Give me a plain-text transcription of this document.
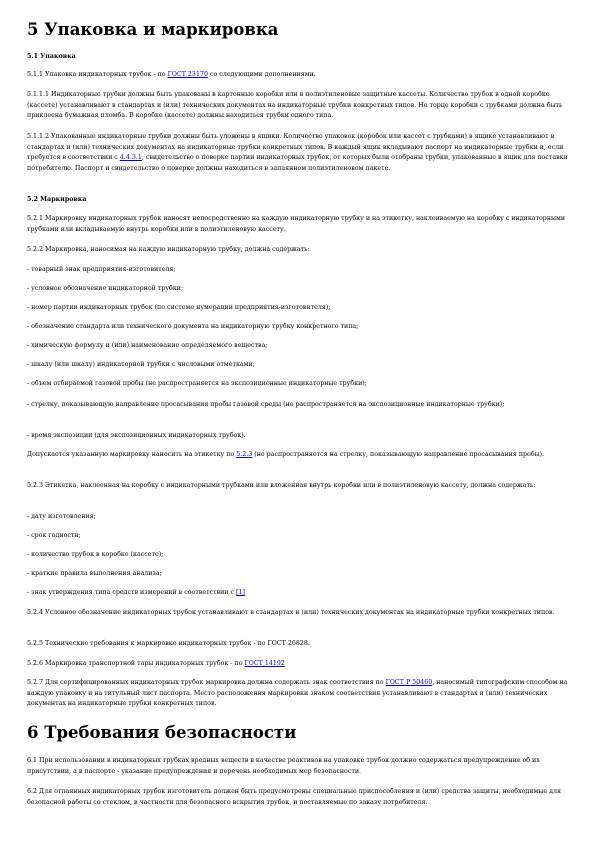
5 Упаковка и маркировка

5.1 Упаковка

5.1.1 Упаковка индикаторных трубок - по ГОСТ 23170 со следующими дополнениями.

5.1.1.1 Индикаторные трубки должны быть упакованы в картонные коробки или в полиэтиленовые защитные кассеты. Количество трубок в одной коробке (кассете) устанавливают в стандартах и (или) технических документах на индикаторные трубки конкретных типов. Не торце коробки с трубками должна быть приклеена бумажная пломба. В коробке (кассете) должны находиться трубки одного типа.

5.1.1.2 Упакованные индикаторные трубки должны быть уложены в ящики. Количество упаковок (коробок или кассет с трубками) в ящике устанавливают в стандартах и (или) технических документах на индикаторные трубки конкретных типов. В каждый ящик вкладывают паспорт на индикаторные трубки и, если требуется в соответствии с 4.4.3.1, свидетельство о поверке партии индикаторных трубок, от которых были отобраны трубки, упакованные в ящик для поставки потребителю. Паспорт и свидетельство о поверке должны находиться в запаянном полиэтиленовом пакете.

5.2 Маркировка

5.2.1 Маркировку индикаторных трубок наносят непосредственно на каждую индикаторную трубку и на этикетку, наклеиваемую на коробку с индикаторными трубками или вкладываемую внутрь коробки или в полиэтиленовую кассету.

5.2.2 Маркировка, наносимая на каждую индикаторную трубку, должна содержать:

- товарный знак предприятия-изготовителя;

- условное обозначение индикаторной трубки;

- номер партии индикаторных трубок (по системе нумерации предприятия-изготовителя);

- обозначение стандарта или технического документа на индикаторную трубку конкретного типа;

- химическую формулу и (или) наименование определяемого вещества;

- шкалу (или шкалу) индикаторной трубки с числовыми отметками;

- объем отбираемой газовой пробы (не распространяется на экспозиционные индикаторные трубки);

- стрелку, показывающую направление просасывания пробы газовой среды (не распространяется на экспозиционные индикаторные трубки);

- время экспозиции (для экспозиционных индикаторных трубок).

Допускается указанную маркировку наносить на этикетку по 5.2.3 (не распространяется на стрелку, показывающую направление просасывания пробы).

5.2.3 Этикетка, наклеенная на коробку с индикаторными трубками или вложенная внутрь коробки или в полиэтиленовую кассету, должна содержать:

- дату изготовления;

- срок годности;

- количество трубок в коробке (кассете);

- краткие правила выполнения анализа;

- знак утверждения типа средств измерений в соответствии с [1]

5.2.4 Условное обозначение индикаторных трубок устанавливают в стандартах и (или) технических документах на индикаторные трубки конкретных типов.

5.2.5 Технические требования к маркировке индикаторных трубок - по ГОСТ 26828.

5.2.6 Маркировка транспортной тары индикаторных трубок - по ГОСТ 14192

5.2.7 Для сертифицированных индикаторных трубок маркировка должна содержать знак соответствия по ГОСТ Р 50460, наносимый типографским способом на каждую упаковку и на титульный лист паспорта. Место расположения маркировки знаком соответствия устанавливают в стандартах и (или) технических документах на индикаторные трубки конкретных типов.

6 Требования безопасности

6.1 При использовании в индикаторных трубках вредных веществ в качестве реактивов на упаковке трубок должно содержаться предупреждение об их присутствии, а в паспорте - указание предупреждения и перечень необходимых мер безопасности.

6.2 Для отпаянных индикаторных трубок изготовитель должен быть предусмотрены специальные приспособления и (или) средства защиты, необходимые для безопасной работы со стеклом, в частности для безопасного вскрытия трубок, и поставляемые по заказу потребителя.
